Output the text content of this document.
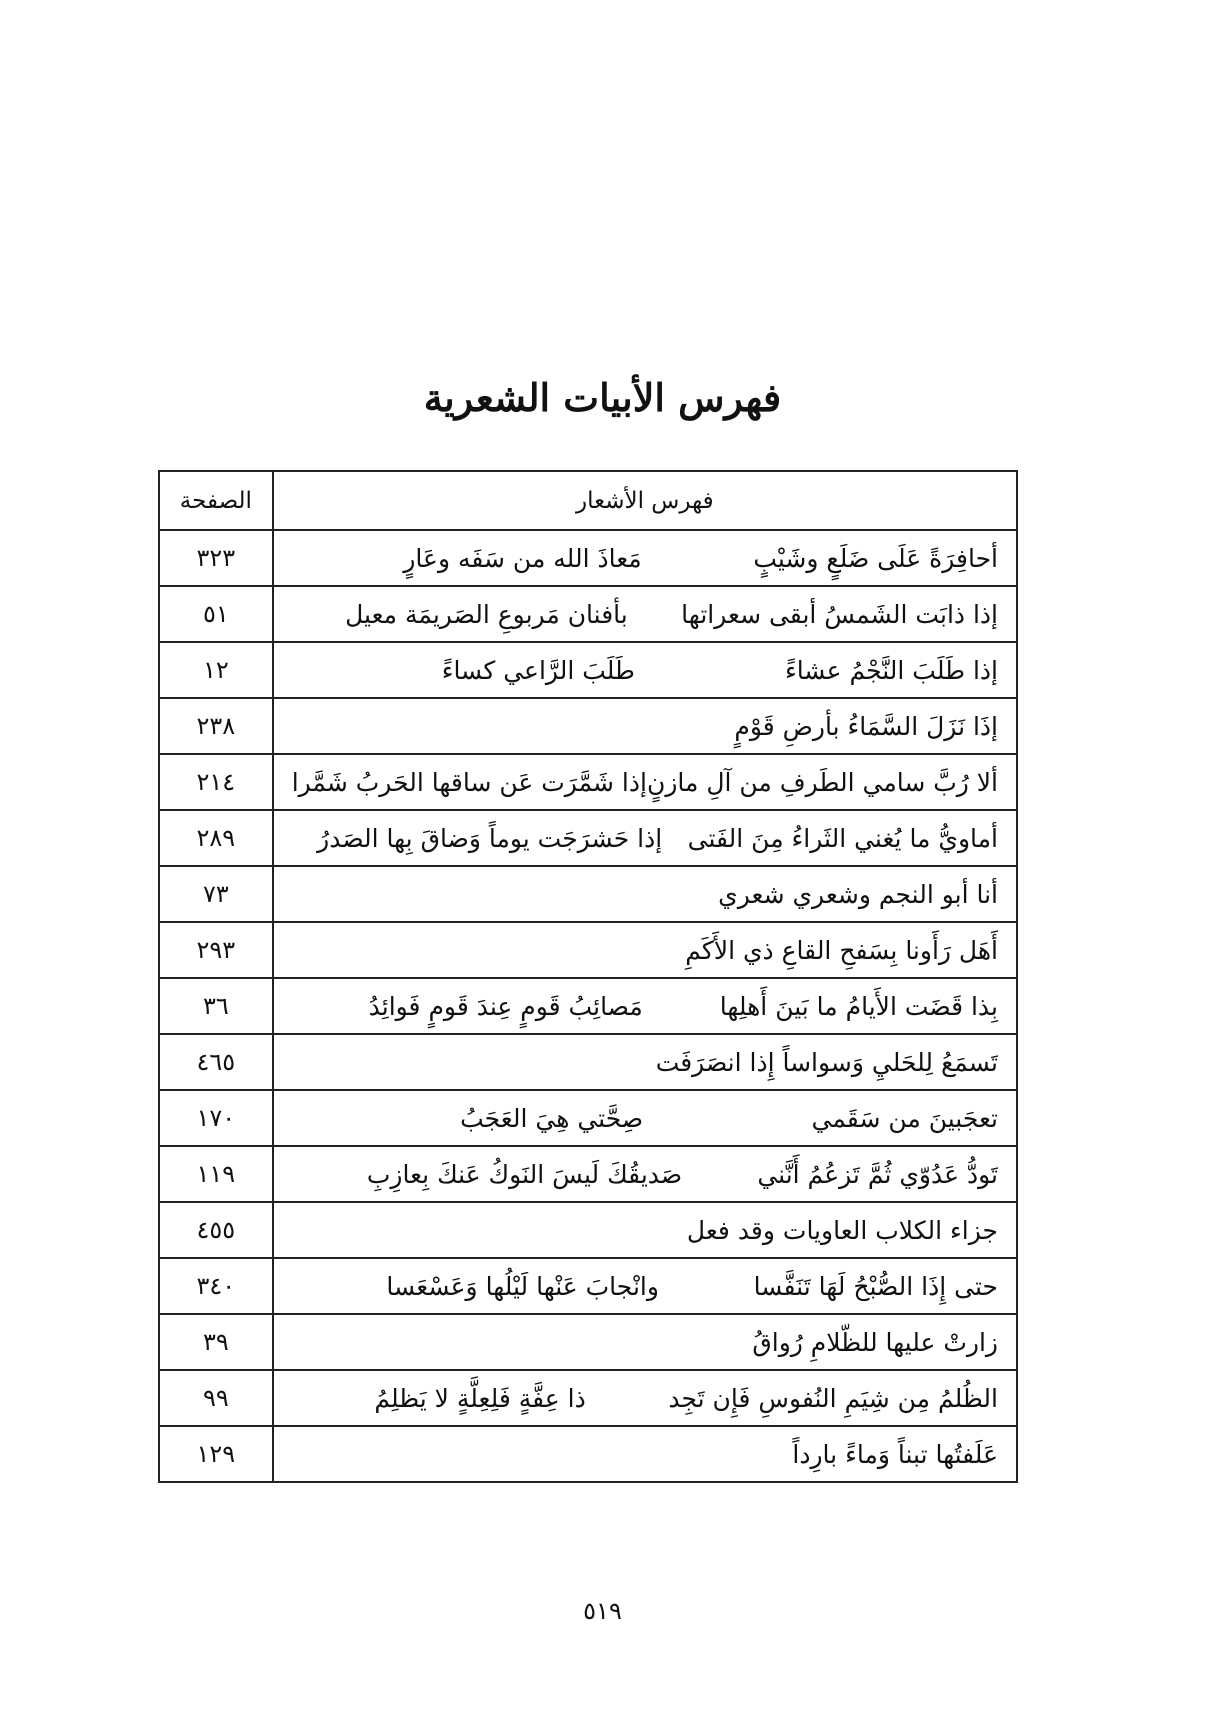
فهرس الأبيات الشعرية
فهرس الأشعار	الصفحة

أحافِرَةً عَلَى ضَلَعٍ وشَيْبٍ
مَعاذَ الله من سَفَه وعَارٍ	٣٢٣

إذا ذابَت الشَمسُ أبقى سعراتها
بأفنان مَربوعِ الصَريمَة معيل	٥١

إذا طَلَبَ النَّجْمُ عشاءً
طَلَبَ الرَّاعي كساءً	١٢

إذَا نَزَلَ السَّمَاءُ بأرضِ قَوْمٍ	٢٣٨

ألا رُبَّ سامي الطَرفِ من آلِ مازنٍ
إذا شَمَّرَت عَن ساقها الحَربُ شَمَّرا	٢١٤

أماويُّ ما يُغني الثَراءُ مِنَ الفَتى
إذا حَشرَجَت يوماً وَضاقَ بِها الصَدرُ	٢٨٩

أنا أبو النجم وشعري شعري	٧٣

أَهَل رَأَونا بِسَفحِ القاعِ ذي الأَكَمِ	٢٩٣

بِذا قَضَت الأَيامُ ما بَينَ أَهلِها
مَصائِبُ قَومٍ عِندَ قَومٍ فَوائِدُ	٣٦

تَسمَعُ لِلحَليِ وَسواساً إِذا انصَرَفَت	٤٦٥

تعجَبينَ من سَقَمي
صِحَّتي هِيَ العَجَبُ	١٧٠

تَودُّ عَدُوّي ثُمَّ تَزعُمُ أَنَّني
صَديقُكَ لَيسَ النَوكُ عَنكَ بِعازِبِ	١١٩

جزاء الكلاب العاويات وقد فعل	٤٥٥

حتى إِذَا الصُّبْحُ لَهَا تَنَفَّسا
وانْجابَ عَنْها لَيْلُها وَعَسْعَسا	٣٤٠

زارتْ عليها للظّلامِ رُواقُ	٣٩

الظُلمُ مِن شِيَمِ النُفوسِ فَإِن تَجِد
ذا عِفَّةٍ فَلِعِلَّةٍ لا يَظلِمُ	٩٩

عَلَفتُها تبناً وَماءً بارِداً	١٢٩
٥١٩
